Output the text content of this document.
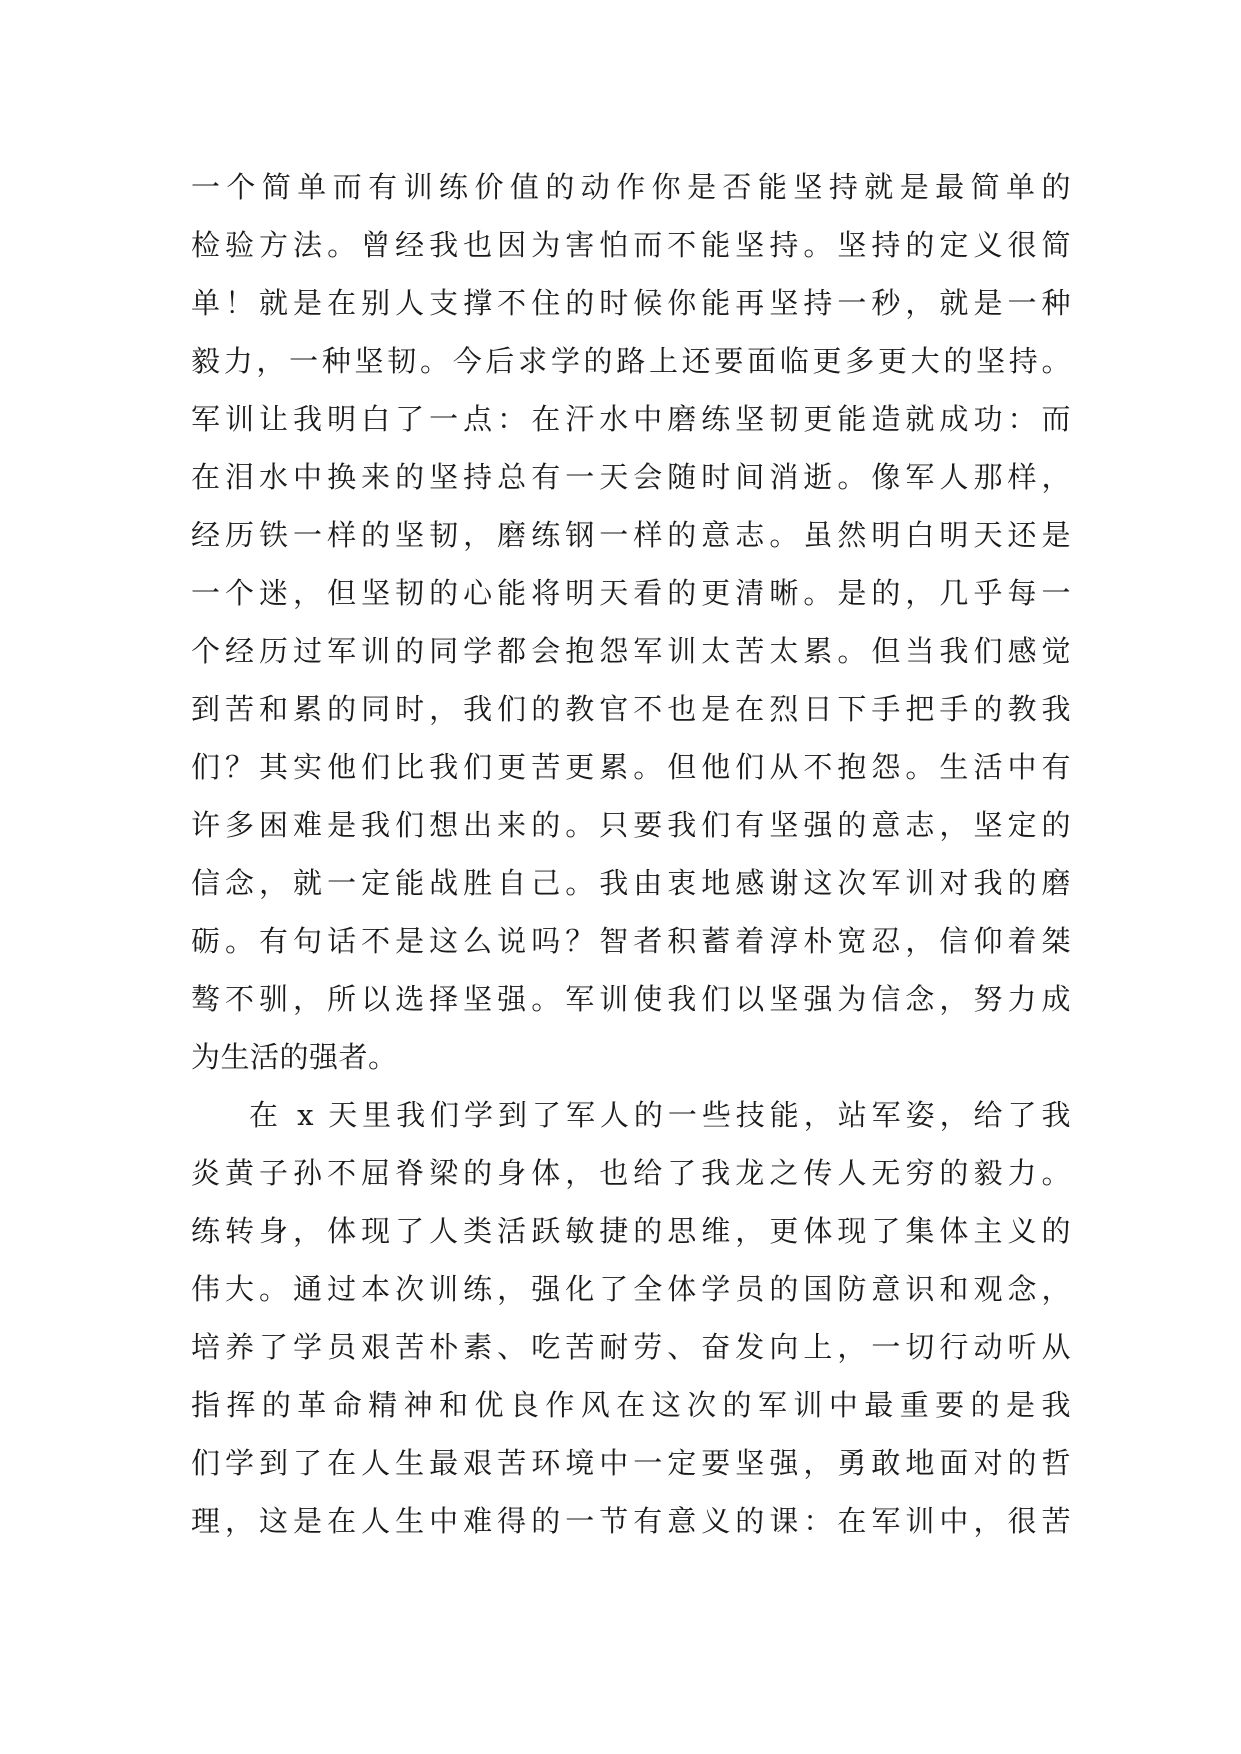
一个简单而有训练价值的动作你是否能坚持就是最简单的
检验方法。曾经我也因为害怕而不能坚持。坚持的定义很简
单！就是在别人支撑不住的时候你能再坚持一秒，就是一种
毅力，一种坚韧。今后求学的路上还要面临更多更大的坚持。
军训让我明白了一点：在汗水中磨练坚韧更能造就成功：而
在泪水中换来的坚持总有一天会随时间消逝。像军人那样，
经历铁一样的坚韧，磨练钢一样的意志。虽然明白明天还是
一个迷，但坚韧的心能将明天看的更清晰。是的，几乎每一
个经历过军训的同学都会抱怨军训太苦太累。但当我们感觉
到苦和累的同时，我们的教官不也是在烈日下手把手的教我
们？其实他们比我们更苦更累。但他们从不抱怨。生活中有
许多困难是我们想出来的。只要我们有坚强的意志，坚定的
信念，就一定能战胜自己。我由衷地感谢这次军训对我的磨
砺。有句话不是这么说吗？智者积蓄着淳朴宽忍，信仰着桀
骜不驯，所以选择坚强。军训使我们以坚强为信念，努力成
为生活的强者。
在 x 天里我们学到了军人的一些技能，站军姿，给了我
炎黄子孙不屈脊梁的身体，也给了我龙之传人无穷的毅力。
练转身，体现了人类活跃敏捷的思维，更体现了集体主义的
伟大。通过本次训练，强化了全体学员的国防意识和观念，
培养了学员艰苦朴素、吃苦耐劳、奋发向上，一切行动听从
指挥的革命精神和优良作风在这次的军训中最重要的是我
们学到了在人生最艰苦环境中一定要坚强，勇敢地面对的哲
理，这是在人生中难得的一节有意义的课：在军训中，很苦
